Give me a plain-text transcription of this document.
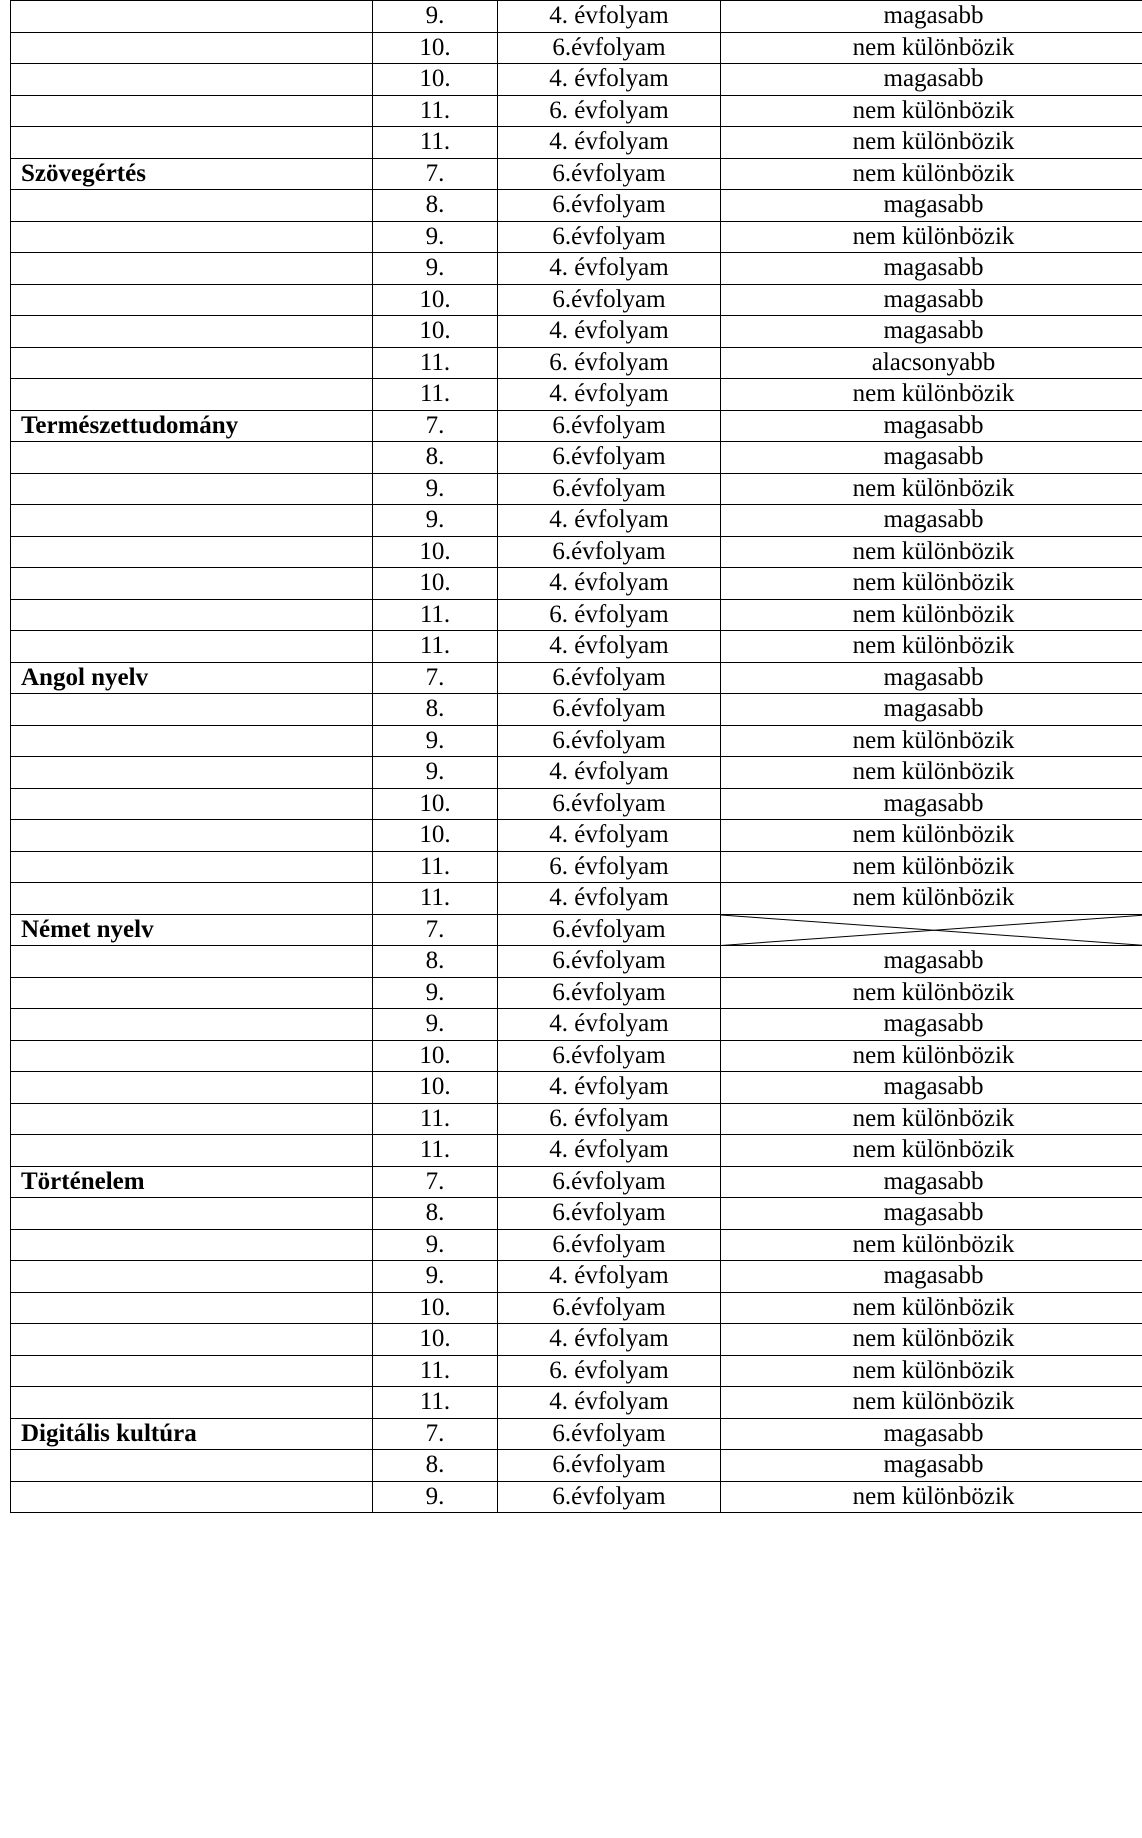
	9.	4. évfolyam	magasabb
	10.	6.évfolyam	nem különbözik
	10.	4. évfolyam	magasabb
	11.	6. évfolyam	nem különbözik
	11.	4. évfolyam	nem különbözik
Szövegértés	7.	6.évfolyam	nem különbözik
	8.	6.évfolyam	magasabb
	9.	6.évfolyam	nem különbözik
	9.	4. évfolyam	magasabb
	10.	6.évfolyam	magasabb
	10.	4. évfolyam	magasabb
	11.	6. évfolyam	alacsonyabb
	11.	4. évfolyam	nem különbözik
Természettudomány	7.	6.évfolyam	magasabb
	8.	6.évfolyam	magasabb
	9.	6.évfolyam	nem különbözik
	9.	4. évfolyam	magasabb
	10.	6.évfolyam	nem különbözik
	10.	4. évfolyam	nem különbözik
	11.	6. évfolyam	nem különbözik
	11.	4. évfolyam	nem különbözik
Angol nyelv	7.	6.évfolyam	magasabb
	8.	6.évfolyam	magasabb
	9.	6.évfolyam	nem különbözik
	9.	4. évfolyam	nem különbözik
	10.	6.évfolyam	magasabb
	10.	4. évfolyam	nem különbözik
	11.	6. évfolyam	nem különbözik
	11.	4. évfolyam	nem különbözik
Német nyelv	7.	6.évfolyam	

	8.	6.évfolyam	magasabb
	9.	6.évfolyam	nem különbözik
	9.	4. évfolyam	magasabb
	10.	6.évfolyam	nem különbözik
	10.	4. évfolyam	magasabb
	11.	6. évfolyam	nem különbözik
	11.	4. évfolyam	nem különbözik
Történelem	7.	6.évfolyam	magasabb
	8.	6.évfolyam	magasabb
	9.	6.évfolyam	nem különbözik
	9.	4. évfolyam	magasabb
	10.	6.évfolyam	nem különbözik
	10.	4. évfolyam	nem különbözik
	11.	6. évfolyam	nem különbözik
	11.	4. évfolyam	nem különbözik
Digitális kultúra	7.	6.évfolyam	magasabb
	8.	6.évfolyam	magasabb
	9.	6.évfolyam	nem különbözik
